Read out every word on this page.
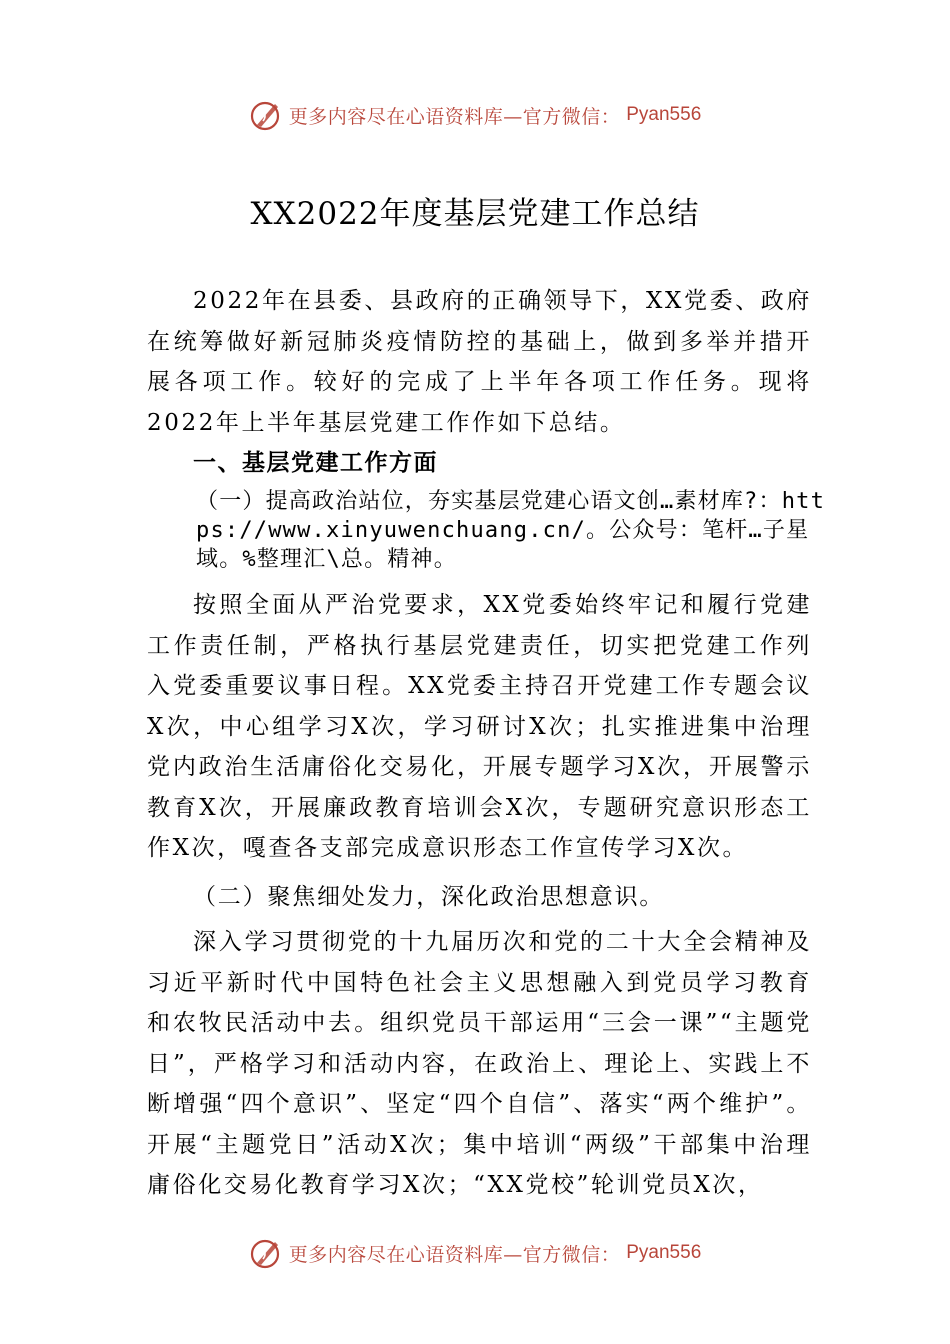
更多内容尽在心语资料库—官方微信： Pyan556
XX2022年度基层党建工作总结

2022年在县委、县政府的正确领导下，XX党委、政府在统筹做好新冠肺炎疫情防控的基础上，做到多举并措开展各项工作。较好的完成了上半年各项工作任务。现将2022年上半年基层党建工作作如下总结。

一、基层党建工作方面

（一）提高政治站位，夯实基层党建心语文创…素材库?：https://www.xinyuwenchuang.cn/。公众号：笔杆…子星域。%整理汇\总。精神。

按照全面从严治党要求，XX党委始终牢记和履行党建工作责任制，严格执行基层党建责任，切实把党建工作列入党委重要议事日程。XX党委主持召开党建工作专题会议X次，中心组学习X次，学习研讨X次；扎实推进集中治理党内政治生活庸俗化交易化，开展专题学习X次，开展警示教育X次，开展廉政教育培训会X次，专题研究意识形态工作X次，嘎查各支部完成意识形态工作宣传学习X次。

（二）聚焦细处发力，深化政治思想意识。

深入学习贯彻党的十九届历次和党的二十大全会精神及习近平新时代中国特色社会主义思想融入到党员学习教育和农牧民活动中去。组织党员干部运用“三会一课”“主题党日”，严格学习和活动内容，在政治上、理论上、实践上不断增强“四个意识”、坚定“四个自信”、落实“两个维护”。开展“主题党日”活动X次；集中培训“两级”干部集中治理庸俗化交易化教育学习X次；“XX党校”轮训党员X次，

更多内容尽在心语资料库—官方微信： Pyan556
